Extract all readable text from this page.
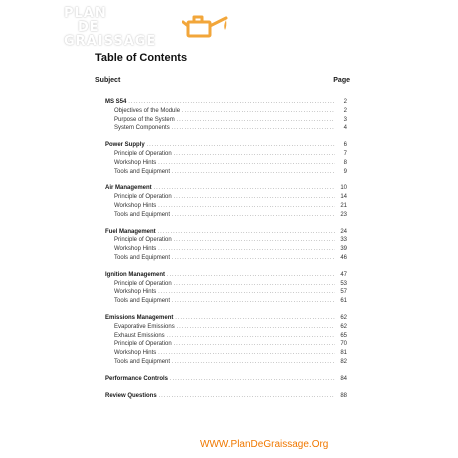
PLAN
DE
GRAISSAGE
Table of Contents
Subject	Page
MS S54 .....	2
Objectives of the Module .....	2
Purpose of the System .....	3
System Components .....	4
Power Supply .....	6
Principle of Operation .....	7
Workshop Hints .....	8
Tools and Equipment .....	9
Air Management .....	10
Principle of Operation .....	14
Workshop Hints .....	21
Tools and Equipment .....	23
Fuel Management .....	24
Principle of Operation .....	33
Workshop Hints .....	39
Tools and Equipment .....	46
Ignition Management .....	47
Principle of Operation .....	53
Workshop Hints .....	57
Tools and Equipment .....	61
Emissions Management .....	62
Evaporative Emissions .....	62
Exhaust Emissions .....	65
Principle of Operation .....	70
Workshop Hints .....	81
Tools and Equipment .....	82
Performance Controls .....	84
Review Questions .....	88
WWW.PlanDeGraissage.Org
